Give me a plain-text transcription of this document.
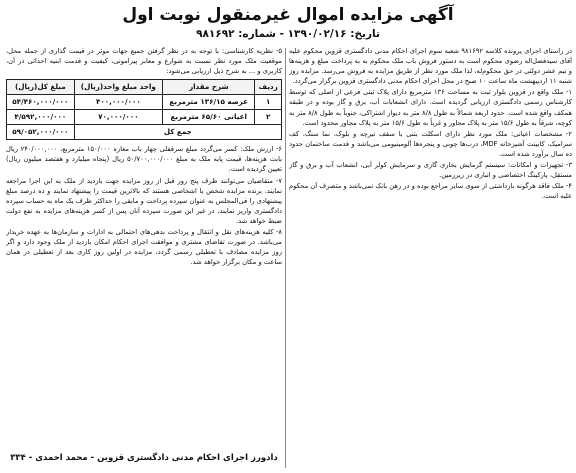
آگهی مزایده اموال غیرمنقول نوبت اول
تاریخ: ۱۳۹۰/۰۲/۱۶ - شماره: ۹۸۱۶۹۲

در راستای اجرای پرونده کلاسه ۹۸۱۶۹۲ شعبه سوم اجرای احکام مدنی دادگستری قزوین محکوم علیه آقای سیدفضل‌اله رضوی محکوم است به دستور فروش باب ملک محکوم به به پرداخت مبلغ و هزینه‌ها و نیم عشر دولتی در حق محکوم‌له، لذا ملک مورد نظر از طریق مزایده به فروش می‌رسد. مزایده روز شنبه ۱۱ اردیبهشت ماه ساعت ۱۰ صبح در محل اجرای احکام مدنی دادگستری قزوین برگزار می‌گردد.

۱- ملک واقع در قزوین بلوار ثبت به مساحت ۱۳۶ مترمربع دارای پلاک ثبتی فرعی از اصلی که توسط کارشناس رسمی دادگستری ارزیابی گردیده است. دارای انشعابات آب، برق و گاز بوده و در طبقه همکف واقع شده است. حدود اربعه شمالاً به طول ۸/۸ متر به دیوار اشتراکی، جنوباً به طول ۸/۸ متر به کوچه، شرقاً به طول ۱۵/۶ متر به پلاک مجاور و غرباً به طول ۱۵/۶ متر به پلاک مجاور محدود است.

۲- مشخصات اعیانی: ملک مورد نظر دارای اسکلت بتنی با سقف تیرچه و بلوک، نما سنگ، کف سرامیک، کابینت آشپزخانه MDF، درب‌ها چوبی و پنجره‌ها آلومینیومی می‌باشد و قدمت ساختمان حدود ده سال برآورد شده است.

۳- تجهیزات و امکانات: سیستم گرمایش بخاری گازی و سرمایش کولر آبی، انشعاب آب و برق و گاز مستقل، پارکینگ اختصاصی و انباری در زیرزمین.

۴- ملک فاقد هرگونه بازداشتی از سوی سایر مراجع بوده و در رهن بانک نمی‌باشد و متصرف آن محکوم علیه است.

۵- نظریه کارشناسی: با توجه به در نظر گرفتن جمیع جهات موثر در قیمت گذاری از جمله محل، موقعیت ملک مورد نظر نسبت به شوارع و معابر پیرامونی، کیفیت و قدمت ابنیه احداثی در آن، کاربری و ... به شرح ذیل ارزیابی می‌شود:

ردیف	شرح مقدار	واحد مبلغ واحد(ریال)	مبلغ کل(ریال)
۱	عرصه ۱۳۶/۱۵ مترمربع	۴۰۰,۰۰۰/۰۰۰	۵۴/۴۶۰,۰۰۰/۰۰۰
۲	اعیانی ۶۵/۶۰ مترمربع	۷۰,۰۰۰/۰۰۰	۴/۵۹۲,۰۰۰/۰۰۰
جمع کل			۵۹/۰۵۲,۰۰۰/۰۰۰

۶- ارزش ملک: کسر می‌گردد مبلغ سرقفلی چهار باب مغازه ۱۵۰/۰۰۰ مترمربع، ۲۴۰/۰۰۰,۰۰۰ ریال بابت هزینه‌ها، قیمت پایه ملک به مبلغ ۵۰/۷۰۰,۰۰۰/۰۰۰ ریال (پنجاه میلیارد و هفتصد میلیون ریال) تعیین گردیده است.

۷- متقاضیان می‌توانند ظرف پنج روز قبل از روز مزایده جهت بازدید از ملک به این اجرا مراجعه نمایند. برنده مزایده شخص یا اشخاصی هستند که بالاترین قیمت را پیشنهاد نمایند و ده درصد مبلغ پیشنهادی را فی‌المجلس به عنوان سپرده پرداخت و مابقی را حداکثر ظرف یک ماه به حساب سپرده دادگستری واریز نمایند، در غیر این صورت سپرده آنان پس از کسر هزینه‌های مزایده به نفع دولت ضبط خواهد شد.

۸- کلیه هزینه‌های نقل و انتقال و پرداخت بدهی‌های احتمالی به ادارات و سازمان‌ها به عهده خریدار می‌باشد. در صورت تقاضای مشتری و موافقت اجرای احکام امکان بازدید از ملک وجود دارد و اگر روز مزایده مصادف با تعطیلی رسمی گردد، مزایده در اولین روز کاری بعد از تعطیلی در همان ساعت و مکان برگزار خواهد شد.

دادورز اجرای احکام مدنی دادگستری قزوین - محمد احمدی - ۳۳۴
